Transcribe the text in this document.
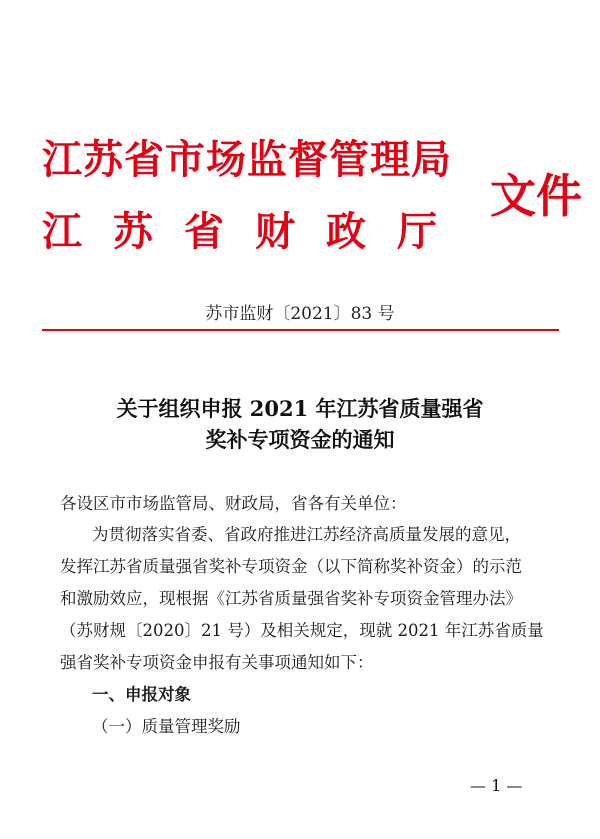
江苏省市场监督管理局
江苏省财政厅
文件
苏市监财〔2021〕83 号
关于组织申报 2021 年江苏省质量强省
奖补专项资金的通知
各设区市市场监管局、财政局，省各有关单位：
为贯彻落实省委、省政府推进江苏经济高质量发展的意见，
发挥江苏省质量强省奖补专项资金（以下简称奖补资金）的示范
和激励效应，现根据《江苏省质量强省奖补专项资金管理办法》
（苏财规〔2020〕21 号）及相关规定，现就 2021 年江苏省质量
强省奖补专项资金申报有关事项通知如下：
一、申报对象
（一）质量管理奖励
— 1 —
